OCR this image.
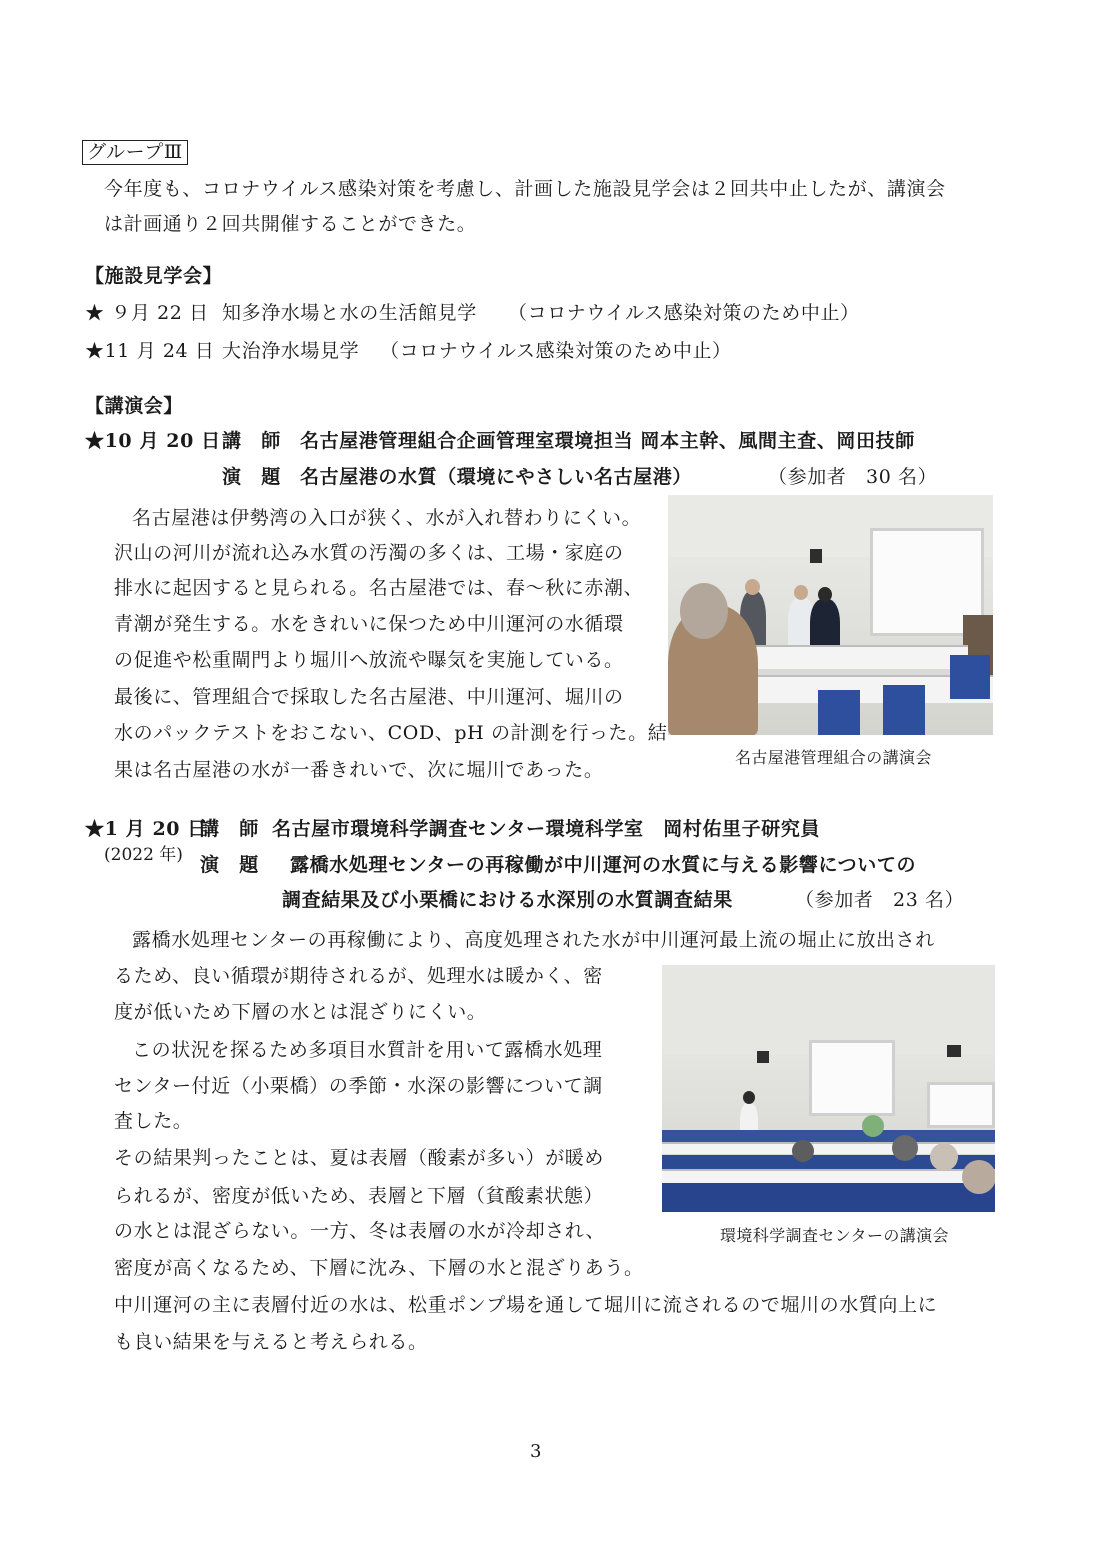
グループⅢ
今年度も、コロナウイルス感染対策を考慮し、計画した施設見学会は２回共中止したが、講演会
は計画通り２回共開催することができた。
【施設見学会】
★ ９月 22 日 知多浄水場と水の生活館見学 （コロナウイルス感染対策のため中止）
★11 月 24 日 大治浄水場見学 （コロナウイルス感染対策のため中止）
【講演会】
★10 月 20 日 講　師 名古屋港管理組合企画管理室環境担当 岡本主幹、風間主査、岡田技師
演　題 名古屋港の水質（環境にやさしい名古屋港）	（参加者　30 名）
名古屋港は伊勢湾の入口が狭く、水が入れ替わりにくい。
沢山の河川が流れ込み水質の汚濁の多くは、工場・家庭の
排水に起因すると見られる。名古屋港では、春〜秋に赤潮、
青潮が発生する。水をきれいに保つため中川運河の水循環
の促進や松重閘門より堀川へ放流や曝気を実施している。
最後に、管理組合で採取した名古屋港、中川運河、堀川の
水のパックテストをおこない、COD、pH の計測を行った。結
果は名古屋港の水が一番きれいで、次に堀川であった。
名古屋港管理組合の講演会
★1 月 20 日
(2022 年)
講　師 名古屋市環境科学調査センター環境科学室　岡村佑里子研究員
演　題 露橋水処理センターの再稼働が中川運河の水質に与える影響についての
調査結果及び小栗橋における水深別の水質調査結果	（参加者　23 名）
露橋水処理センターの再稼働により、高度処理された水が中川運河最上流の堀止に放出され
るため、良い循環が期待されるが、処理水は暖かく、密
度が低いため下層の水とは混ざりにくい。
この状況を探るため多項目水質計を用いて露橋水処理
センター付近（小栗橋）の季節・水深の影響について調
査した。
その結果判ったことは、夏は表層（酸素が多い）が暖め
られるが、密度が低いため、表層と下層（貧酸素状態）
の水とは混ざらない。一方、冬は表層の水が冷却され、
密度が高くなるため、下層に沈み、下層の水と混ざりあう。
中川運河の主に表層付近の水は、松重ポンプ場を通して堀川に流されるので堀川の水質向上に
も良い結果を与えると考えられる。
環境科学調査センターの講演会
3
